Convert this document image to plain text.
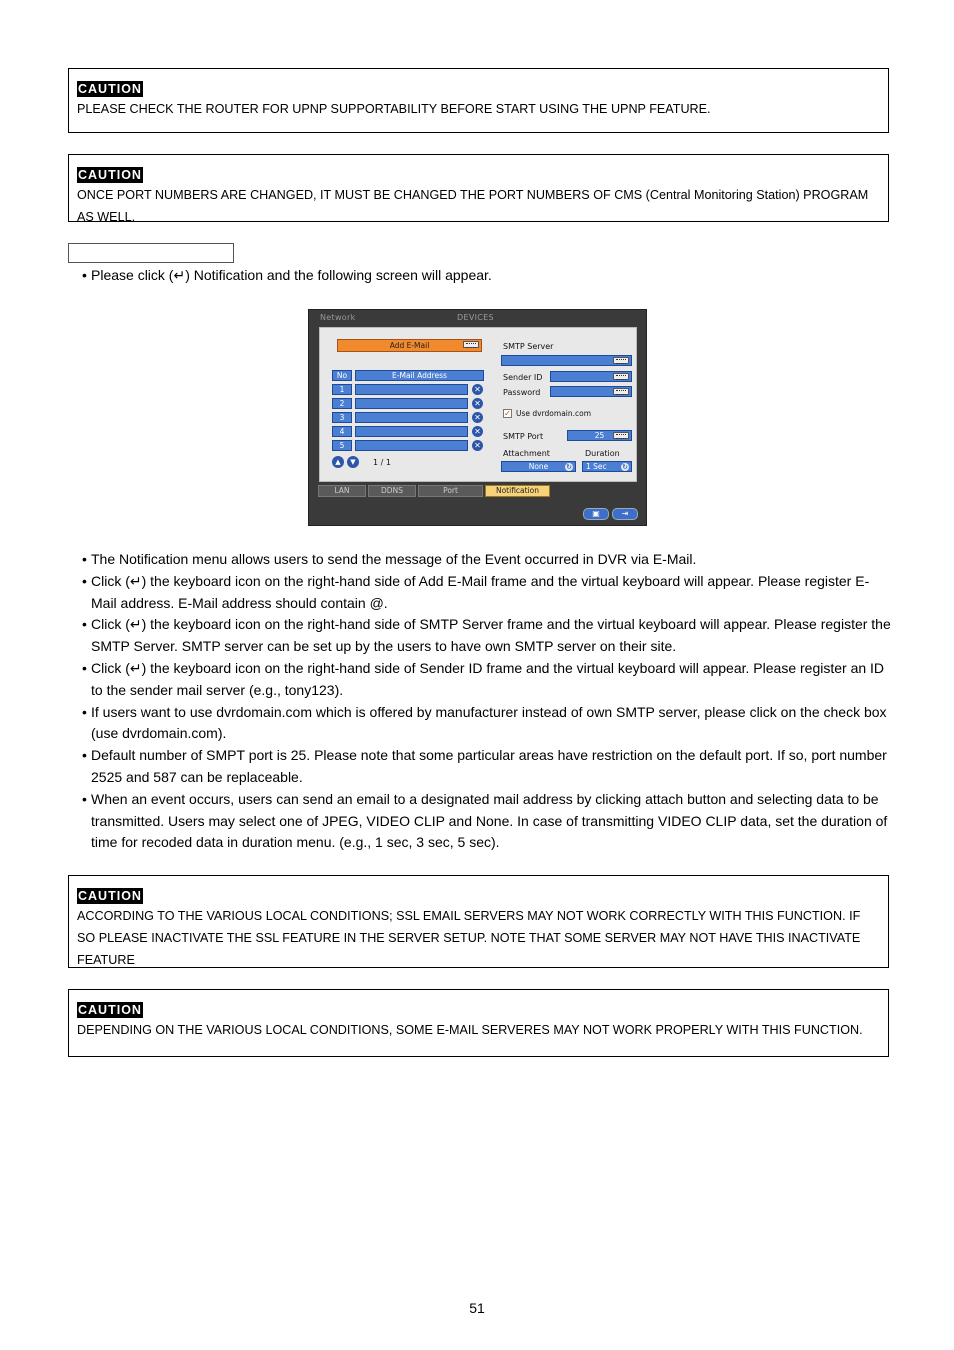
CAUTION

PLEASE CHECK THE ROUTER FOR UPNP SUPPORTABILITY BEFORE START USING THE UPNP FEATURE.

CAUTION

ONCE PORT NUMBERS ARE CHANGED, IT MUST BE CHANGED THE PORT NUMBERS OF CMS (Central Monitoring Station) PROGRAM AS WELL.

• Please click (↵) Notification and the following screen will appear.
Network	DEVICES
Add E-Mail
No	E-Mail Address
1	✕
2	✕
3	✕
4	✕
5	✕
▲	▼	1 / 1
SMTP Server
Sender ID
Password
✓ Use dvrdomain.com
SMTP Port	25
Attachment	Duration
None	↻	1 Sec ↻
LAN	DDNS	Port	Notification
▣	⇥
• The Notification menu allows users to send the message of the Event occurred in DVR via E-Mail.
• Click (↵) the keyboard icon on the right-hand side of Add E-Mail frame and the virtual keyboard will appear. Please register E-Mail address. E-Mail address should contain @.
• Click (↵) the keyboard icon on the right-hand side of SMTP Server frame and the virtual keyboard will appear. Please register the SMTP Server. SMTP server can be set up by the users to have own SMTP server on their site.
• Click (↵) the keyboard icon on the right-hand side of Sender ID frame and the virtual keyboard will appear. Please register an ID to the sender mail server (e.g., tony123).
• If users want to use dvrdomain.com which is offered by manufacturer instead of own SMTP server, please click on the check box (use dvrdomain.com).
• Default number of SMPT port is 25. Please note that some particular areas have restriction on the default port. If so, port number 2525 and 587 can be replaceable.
• When an event occurs, users can send an email to a designated mail address by clicking attach button and selecting data to be transmitted. Users may select one of JPEG, VIDEO CLIP and None. In case of transmitting VIDEO CLIP data, set the duration of time for recoded data in duration menu. (e.g., 1 sec, 3 sec, 5 sec).
CAUTION

ACCORDING TO THE VARIOUS LOCAL CONDITIONS; SSL EMAIL SERVERS MAY NOT WORK CORRECTLY WITH THIS FUNCTION. IF SO PLEASE INACTIVATE THE SSL FEATURE IN THE SERVER SETUP. NOTE THAT SOME SERVER MAY NOT HAVE THIS INACTIVATE FEATURE

CAUTION

DEPENDING ON THE VARIOUS LOCAL CONDITIONS, SOME E-MAIL SERVERES MAY NOT WORK PROPERLY WITH THIS FUNCTION.

51
